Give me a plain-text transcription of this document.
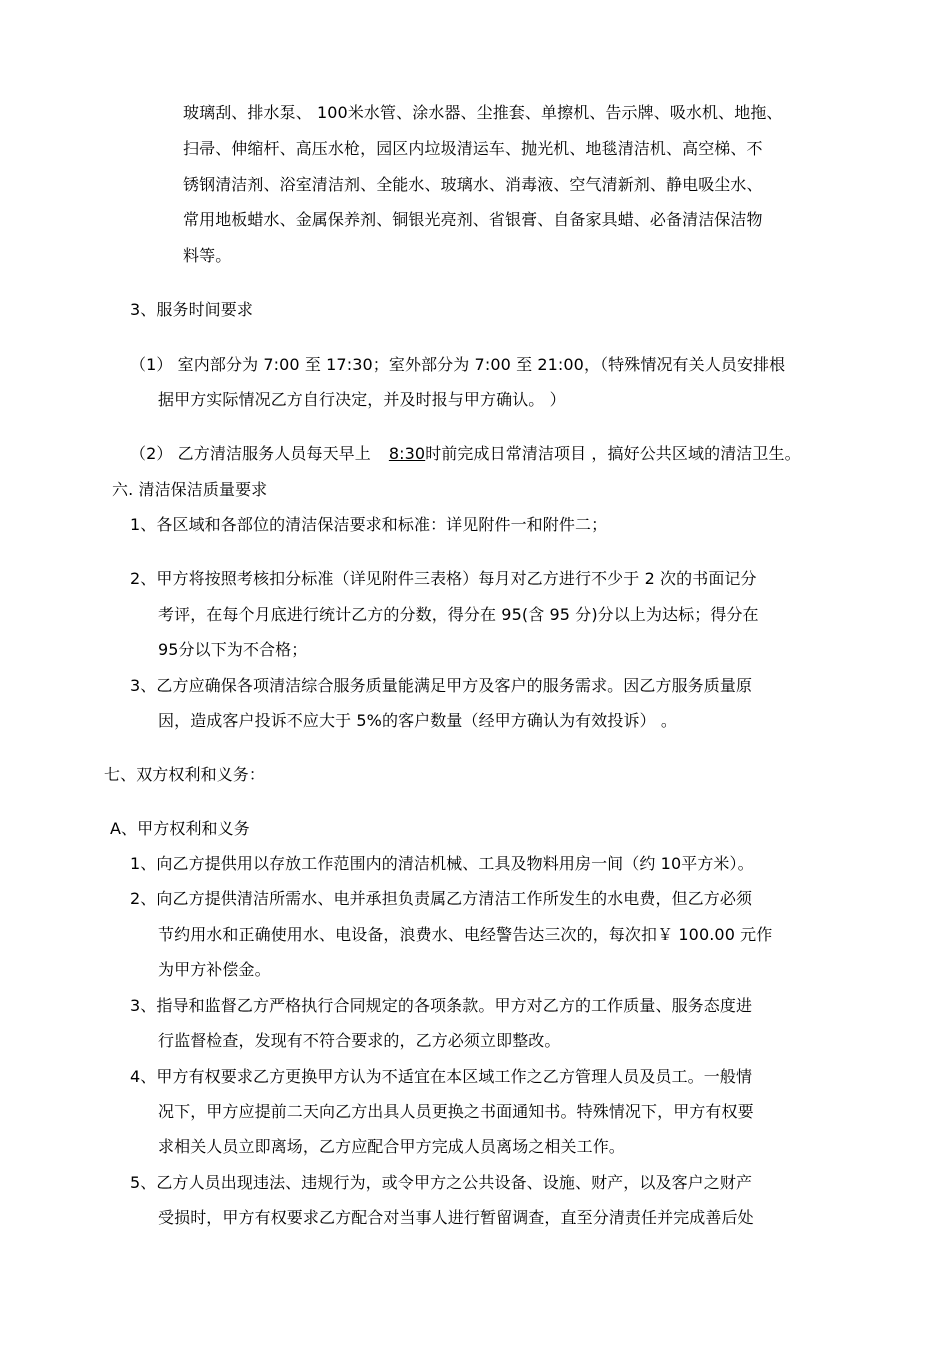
玻璃刮、排水泵、 100米水管、涂水器、尘推套、单擦机、告示牌、吸水机、地拖、
扫帚、伸缩杆、高压水枪，园区内垃圾清运车、抛光机、地毯清洁机、高空梯、不
锈钢清洁剂、浴室清洁剂、全能水、玻璃水、消毒液、空气清新剂、静电吸尘水、
常用地板蜡水、金属保养剂、铜银光亮剂、省银膏、自备家具蜡、必备清洁保洁物
料等。
3、服务时间要求
（1） 室内部分为 7:00 至 17:30；室外部分为 7:00 至 21:00，（特殊情况有关人员安排根
据甲方实际情况乙方自行决定，并及时报与甲方确认。 ）
（2） 乙方清洁服务人员每天早上 8:30时前完成日常清洁项目 ，搞好公共区域的清洁卫生。
六. 清洁保洁质量要求
1、各区域和各部位的清洁保洁要求和标准：详见附件一和附件二；
2、甲方将按照考核扣分标准（详见附件三表格）每月对乙方进行不少于 2 次的书面记分
考评，在每个月底进行统计乙方的分数，得分在 95(含 95 分)分以上为达标；得分在
95分以下为不合格；
3、乙方应确保各项清洁综合服务质量能满足甲方及客户的服务需求。因乙方服务质量原
因，造成客户投诉不应大于 5%的客户数量（经甲方确认为有效投诉） 。
七、双方权利和义务：
A、甲方权利和义务
1、向乙方提供用以存放工作范围内的清洁机械、工具及物料用房一间（约 10平方米）。
2、向乙方提供清洁所需水、电并承担负责属乙方清洁工作所发生的水电费，但乙方必须
节约用水和正确使用水、电设备，浪费水、电经警告达三次的，每次扣￥ 100.00 元作
为甲方补偿金。
3、指导和监督乙方严格执行合同规定的各项条款。甲方对乙方的工作质量、服务态度进
行监督检查，发现有不符合要求的，乙方必须立即整改。
4、甲方有权要求乙方更换甲方认为不适宜在本区域工作之乙方管理人员及员工。一般情
况下，甲方应提前二天向乙方出具人员更换之书面通知书。特殊情况下，甲方有权要
求相关人员立即离场，乙方应配合甲方完成人员离场之相关工作。
5、乙方人员出现违法、违规行为，或令甲方之公共设备、设施、财产，以及客户之财产
受损时，甲方有权要求乙方配合对当事人进行暂留调查，直至分清责任并完成善后处
